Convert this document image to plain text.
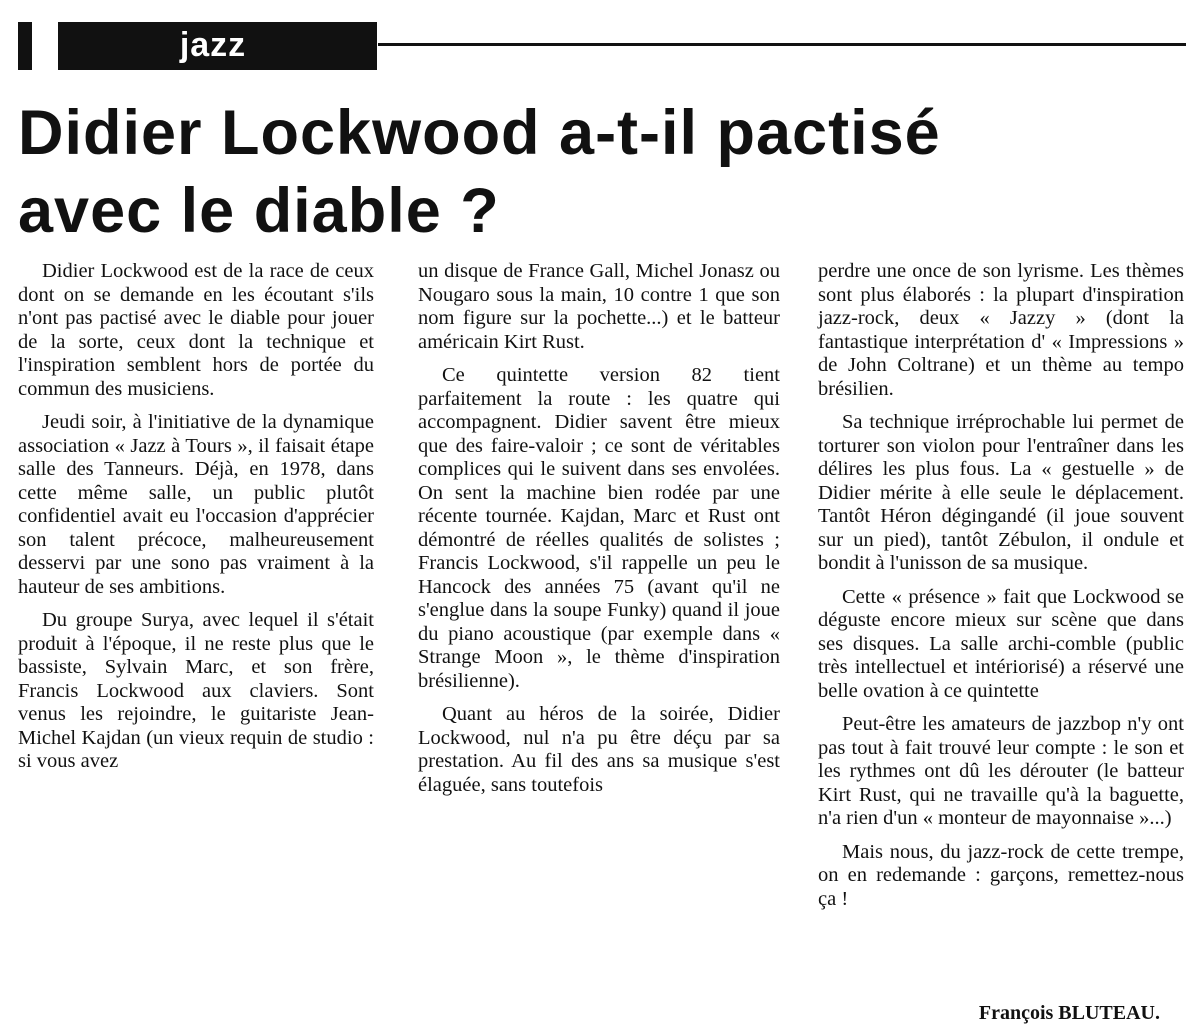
jazz
Didier Lockwood a-t-il pactisé
avec le diable ?

Didier Lockwood est de la race de ceux dont on se demande en les écoutant s'ils n'ont pas pactisé avec le diable pour jouer de la sorte, ceux dont la technique et l'inspiration semblent hors de portée du commun des musiciens.

Jeudi soir, à l'initiative de la dynamique association « Jazz à Tours », il faisait étape salle des Tanneurs. Déjà, en 1978, dans cette même salle, un public plutôt confidentiel avait eu l'occasion d'apprécier son talent précoce, malheureusement desservi par une sono pas vraiment à la hauteur de ses ambitions.

Du groupe Surya, avec lequel il s'était produit à l'époque, il ne reste plus que le bassiste, Sylvain Marc, et son frère, Francis Lockwood aux claviers. Sont venus les rejoindre, le guitariste Jean-Michel Kajdan (un vieux requin de studio : si vous avez

un disque de France Gall, Michel Jonasz ou Nougaro sous la main, 10 contre 1 que son nom figure sur la pochette...) et le batteur américain Kirt Rust.

Ce quintette version 82 tient parfaitement la route : les quatre qui accompagnent. Didier savent être mieux que des faire-valoir ; ce sont de véritables complices qui le suivent dans ses envolées. On sent la machine bien rodée par une récente tournée. Kajdan, Marc et Rust ont démontré de réelles qualités de solistes ; Francis Lockwood, s'il rappelle un peu le Hancock des années 75 (avant qu'il ne s'englue dans la soupe Funky) quand il joue du piano acoustique (par exemple dans « Strange Moon », le thème d'inspiration brésilienne).

Quant au héros de la soirée, Didier Lockwood, nul n'a pu être déçu par sa prestation. Au fil des ans sa musique s'est élaguée, sans toutefois

perdre une once de son lyrisme. Les thèmes sont plus élaborés : la plupart d'inspiration jazz-rock, deux « Jazzy » (dont la fantastique interprétation d' « Impressions » de John Coltrane) et un thème au tempo brésilien.

Sa technique irréprochable lui permet de torturer son violon pour l'entraîner dans les délires les plus fous. La « gestuelle » de Didier mérite à elle seule le déplacement. Tantôt Héron dégingandé (il joue souvent sur un pied), tantôt Zébulon, il ondule et bondit à l'unisson de sa musique.

Cette « présence » fait que Lockwood se déguste encore mieux sur scène que dans ses disques. La salle archi-comble (public très intellectuel et intériorisé) a réservé une belle ovation à ce quintette

Peut-être les amateurs de jazzbop n'y ont pas tout à fait trouvé leur compte : le son et les rythmes ont dû les dérouter (le batteur Kirt Rust, qui ne travaille qu'à la baguette, n'a rien d'un « monteur de mayonnaise »...)

Mais nous, du jazz-rock de cette trempe, on en redemande : garçons, remettez-nous ça !

François BLUTEAU.
